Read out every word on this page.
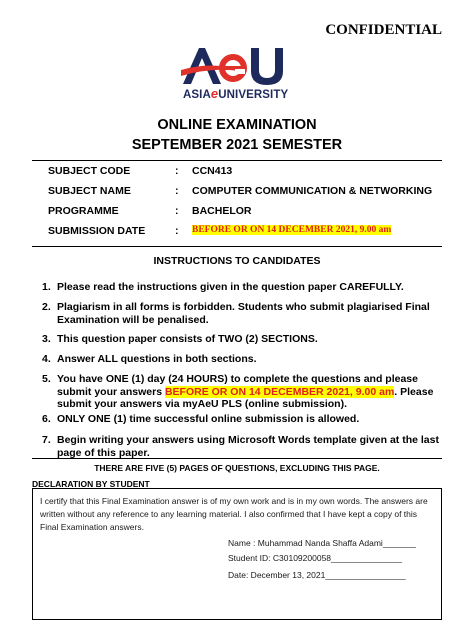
CONFIDENTIAL
ASIAeUNIVERSITY
ONLINE EXAMINATION
SEPTEMBER 2021 SEMESTER
SUBJECT CODE	: CCN413
SUBJECT NAME	: COMPUTER COMMUNICATION & NETWORKING
PROGRAMME	: BACHELOR
SUBMISSION DATE	: BEFORE OR ON 14 DECEMBER 2021, 9.00 am
INSTRUCTIONS TO CANDIDATES
1. Please read the instructions given in the question paper CAREFULLY.
2. Plagiarism in all forms is forbidden. Students who submit plagiarised Final Examination will be penalised.
3. This question paper consists of TWO (2) SECTIONS.
4. Answer ALL questions in both sections.
5. You have ONE (1) day (24 HOURS) to complete the questions and please submit your answers BEFORE OR ON 14 DECEMBER 2021, 9.00 am. Please submit your answers via myAeU PLS (online submission).
6. ONLY ONE (1) time successful online submission is allowed.
7. Begin writing your answers using Microsoft Words template given at the last page of this paper.
THERE ARE FIVE (5) PAGES OF QUESTIONS, EXCLUDING THIS PAGE.
DECLARATION BY STUDENT
I certify that this Final Examination answer is of my own work and is in my own words. The answers are written without any reference to any learning material. I also confirmed that I have kept a copy of this Final Examination answers.
Name : Muhammad Nanda Shaffa Adami_______
Student ID: C30109200058_______________
Date: December 13, 2021_________________
